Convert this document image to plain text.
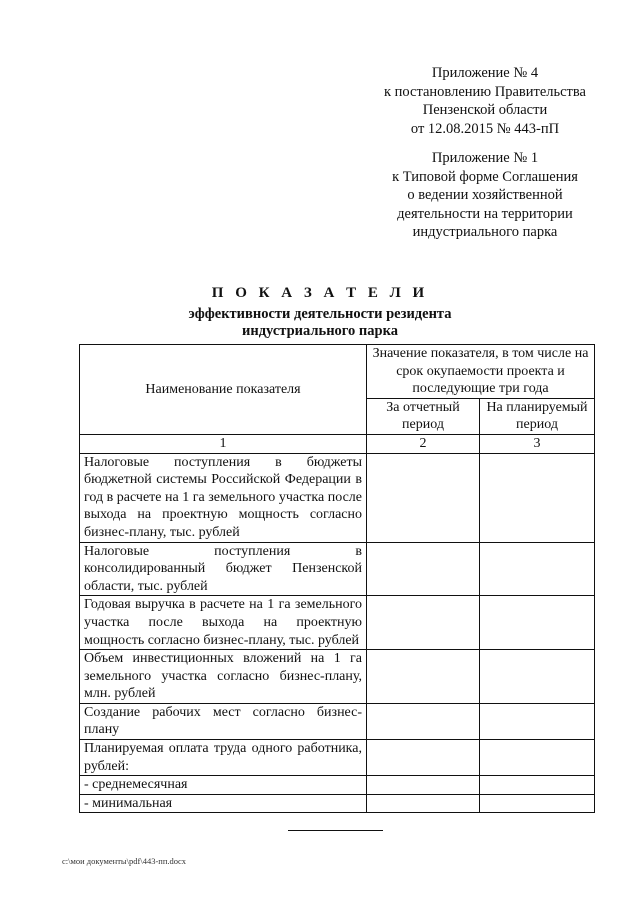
Приложение № 4
к постановлению Правительства
Пензенской области
от 12.08.2015 № 443-пП
Приложение № 1
к Типовой форме Соглашения
о ведении хозяйственной
деятельности на территории
индустриального парка
П О К А З А Т Е Л И
эффективности деятельности резидента
индустриального парка
Наименование показателя	Значение показателя, в том числе на срок окупаемости проекта и последующие три года	
	За отчетный период	На планируемый период
1	2	3
Налоговые поступления в бюджеты бюджетной системы Российской Федерации в год в расчете на 1 га земельного участка после выхода на проектную мощность согласно бизнес-плану, тыс. рублей		
Налоговые поступления в консолидированный бюджет Пензенской области, тыс. рублей		
Годовая выручка в расчете на 1 га земельного участка после выхода на проектную мощность согласно бизнес-плану, тыс. рублей		
Объем инвестиционных вложений на 1 га земельного участка согласно бизнес-плану, млн. рублей		
Создание рабочих мест согласно бизнес-плану		
Планируемая оплата труда одного работника, рублей:		
- среднемесячная		
- минимальная		
c:\мои документы\pdf\443-пп.docx
